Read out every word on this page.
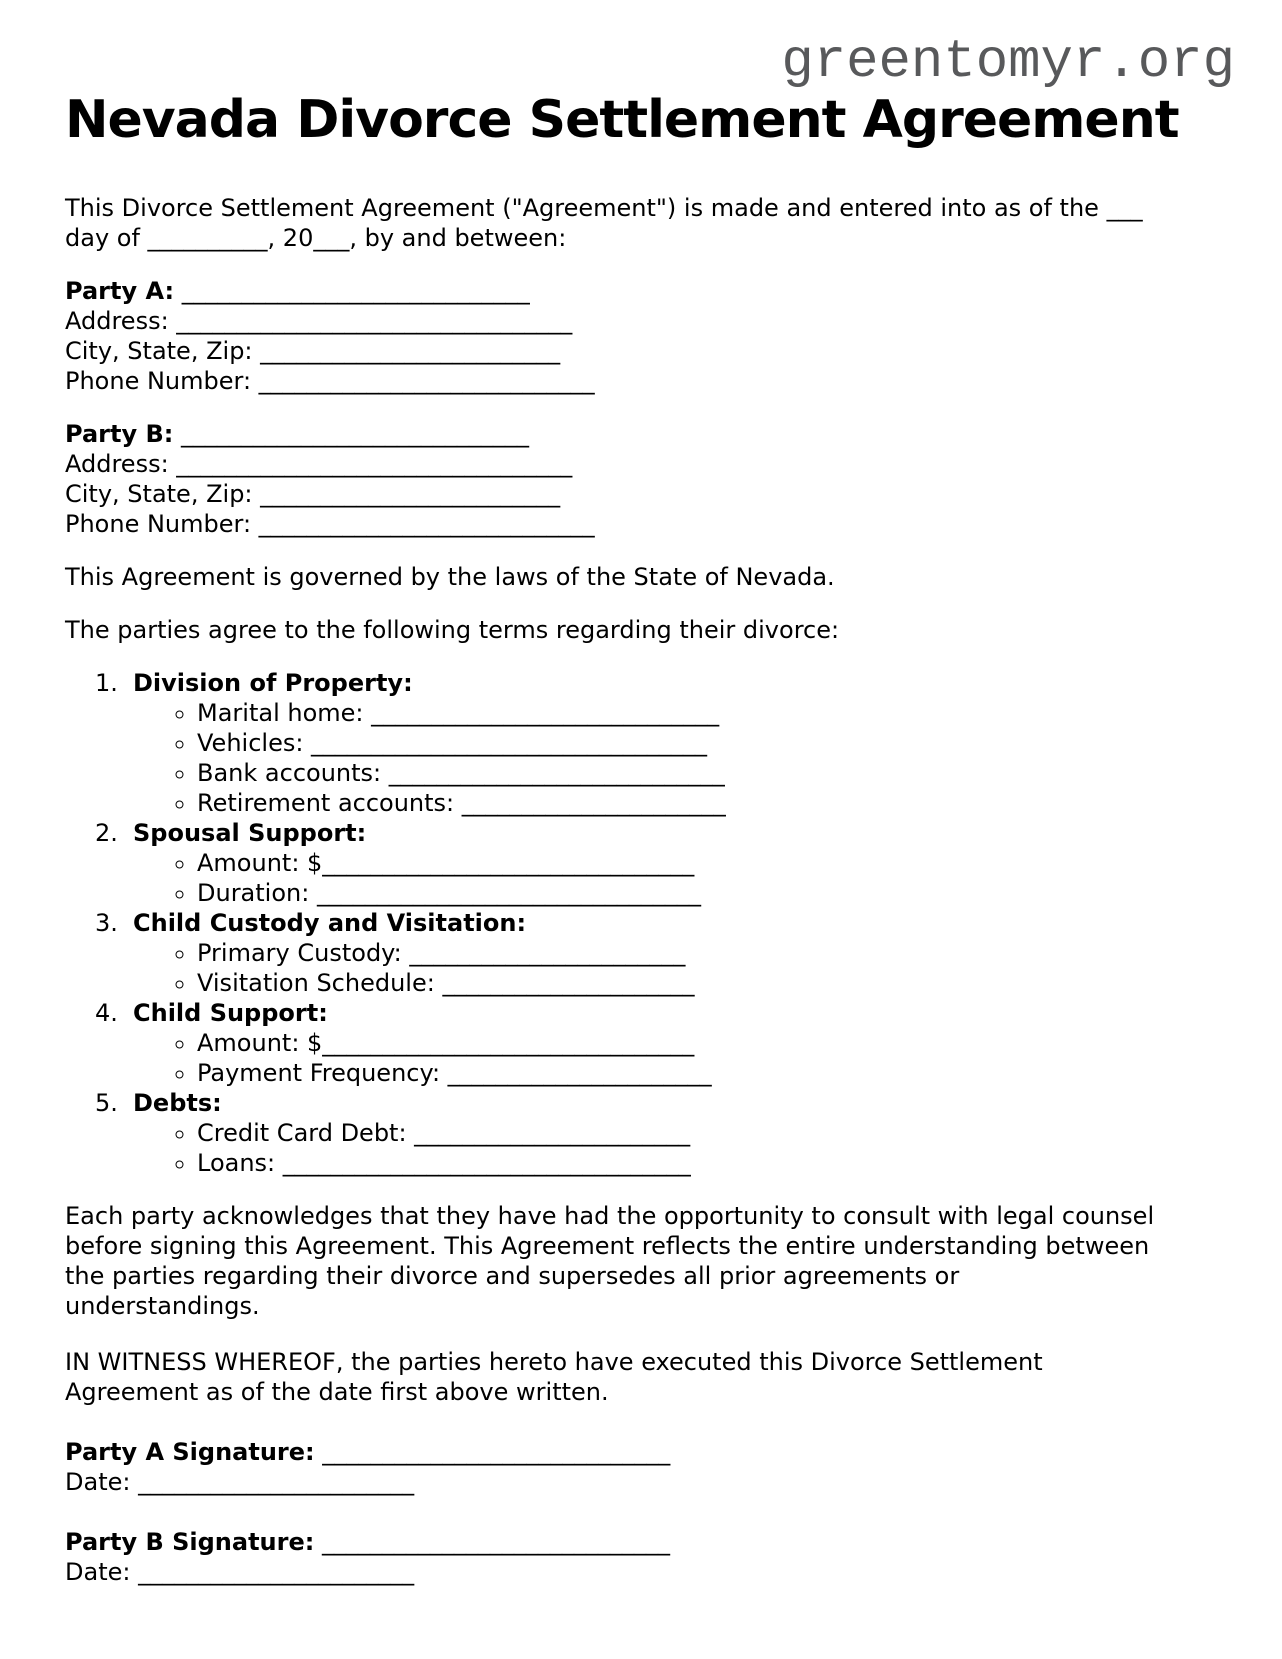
greentomyr.org
Nevada Divorce Settlement Agreement
This Divorce Settlement Agreement ("Agreement") is made and entered into as of the ___
day of __________, 20___, by and between:
Party A: _____________________________
Address: _________________________________
City, State, Zip: _________________________
Phone Number: ____________________________
Party B: _____________________________
Address: _________________________________
City, State, Zip: _________________________
Phone Number: ____________________________
This Agreement is governed by the laws of the State of Nevada.
The parties agree to the following terms regarding their divorce:
1. Division of Property:
◦ Marital home: _____________________________
◦ Vehicles: _________________________________
◦ Bank accounts: ____________________________
◦ Retirement accounts: ______________________
2. Spousal Support:
◦ Amount: $_______________________________
◦ Duration: ________________________________
3. Child Custody and Visitation:
◦ Primary Custody: _______________________
◦ Visitation Schedule: _____________________
4. Child Support:
◦ Amount: $_______________________________
◦ Payment Frequency: ______________________
5. Debts:
◦ Credit Card Debt: _______________________
◦ Loans: __________________________________
Each party acknowledges that they have had the opportunity to consult with legal counsel
before signing this Agreement. This Agreement reflects the entire understanding between
the parties regarding their divorce and supersedes all prior agreements or
understandings.
IN WITNESS WHEREOF, the parties hereto have executed this Divorce Settlement
Agreement as of the date first above written.
Party A Signature: _____________________________
Date: _______________________
Party B Signature: _____________________________
Date: _______________________
